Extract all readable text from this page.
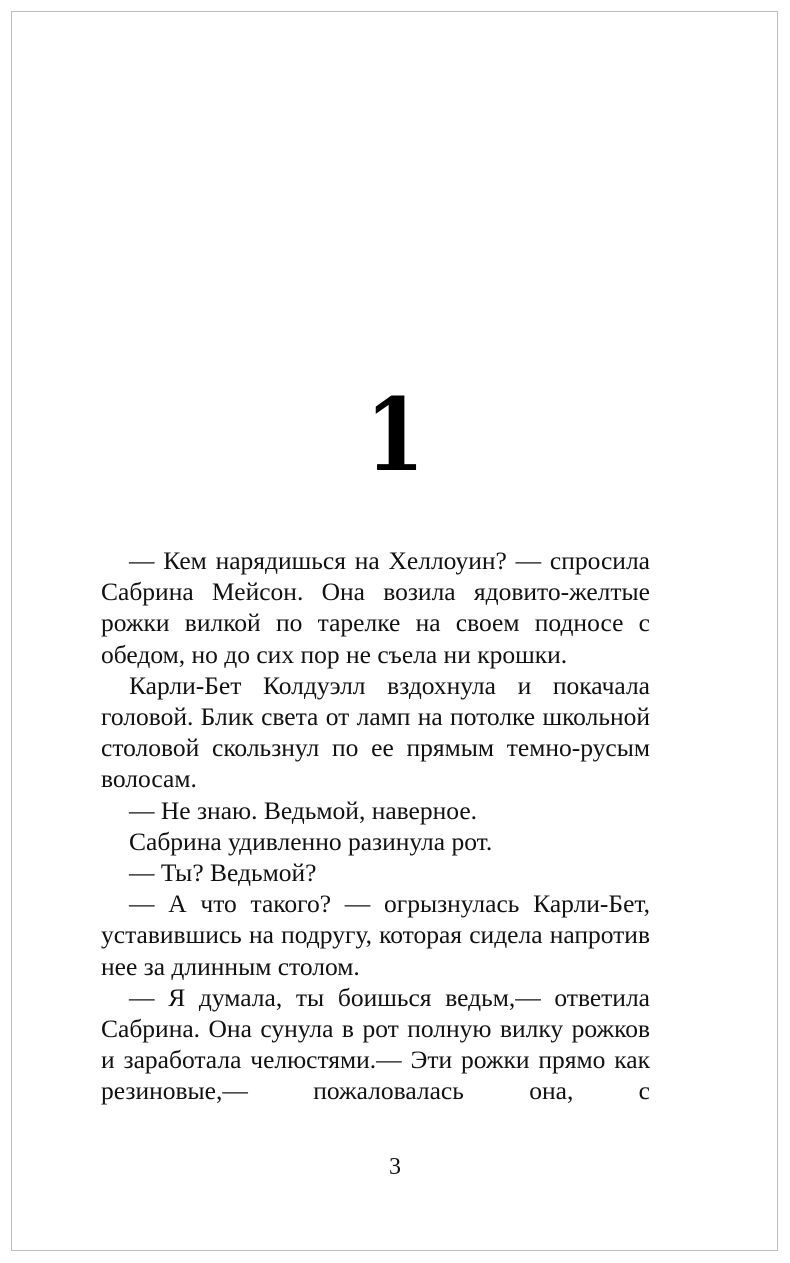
1

— Кем нарядишься на Хеллоуин? — спросила Сабрина Мейсон. Она возила ядовито-желтые рожки вилкой по тарелке на своем подносе с обедом, но до сих пор не съела ни крошки.

Карли-Бет Колдуэлл вздохнула и покачала головой. Блик света от ламп на потолке школьной столовой скользнул по ее прямым темно-русым волосам.

— Не знаю. Ведьмой, наверное.

Сабрина удивленно разинула рот.

— Ты? Ведьмой?

— А что такого? — огрызнулась Карли-Бет, уставившись на подругу, которая сидела напротив нее за длинным столом.

— Я думала, ты боишься ведьм,— ответила Сабрина. Она сунула в рот полную вилку рожков и заработала челюстями.— Эти рожки прямо как резиновые,— пожаловалась она, с

3
